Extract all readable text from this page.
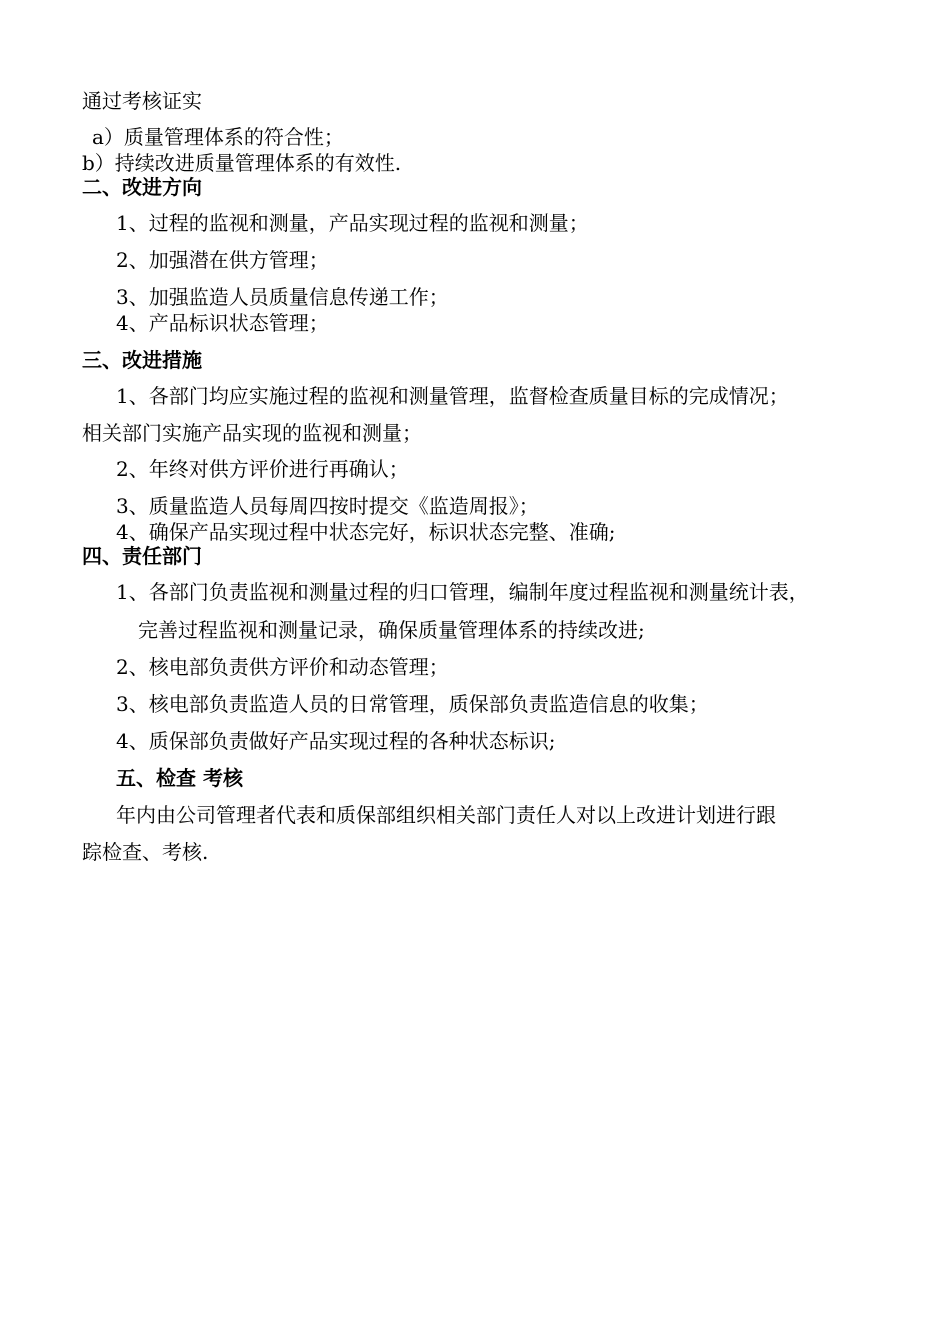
通过考核证实
a）质量管理体系的符合性；
b）持续改进质量管理体系的有效性.
二、改进方向
1、过程的监视和测量，产品实现过程的监视和测量；
2、加强潜在供方管理；
3、加强监造人员质量信息传递工作；
4、产品标识状态管理；
三、改进措施
1、各部门均应实施过程的监视和测量管理，监督检查质量目标的完成情况；
相关部门实施产品实现的监视和测量；
2、年终对供方评价进行再确认；
3、质量监造人员每周四按时提交《监造周报》；
4、确保产品实现过程中状态完好，标识状态完整、准确;
四、责任部门
1、各部门负责监视和测量过程的归口管理，编制年度过程监视和测量统计表，
完善过程监视和测量记录，确保质量管理体系的持续改进;
2、核电部负责供方评价和动态管理；
3、核电部负责监造人员的日常管理，质保部负责监造信息的收集；
4、质保部负责做好产品实现过程的各种状态标识;
五、检查 考核
年内由公司管理者代表和质保部组织相关部门责任人对以上改进计划进行跟
踪检查、考核.
